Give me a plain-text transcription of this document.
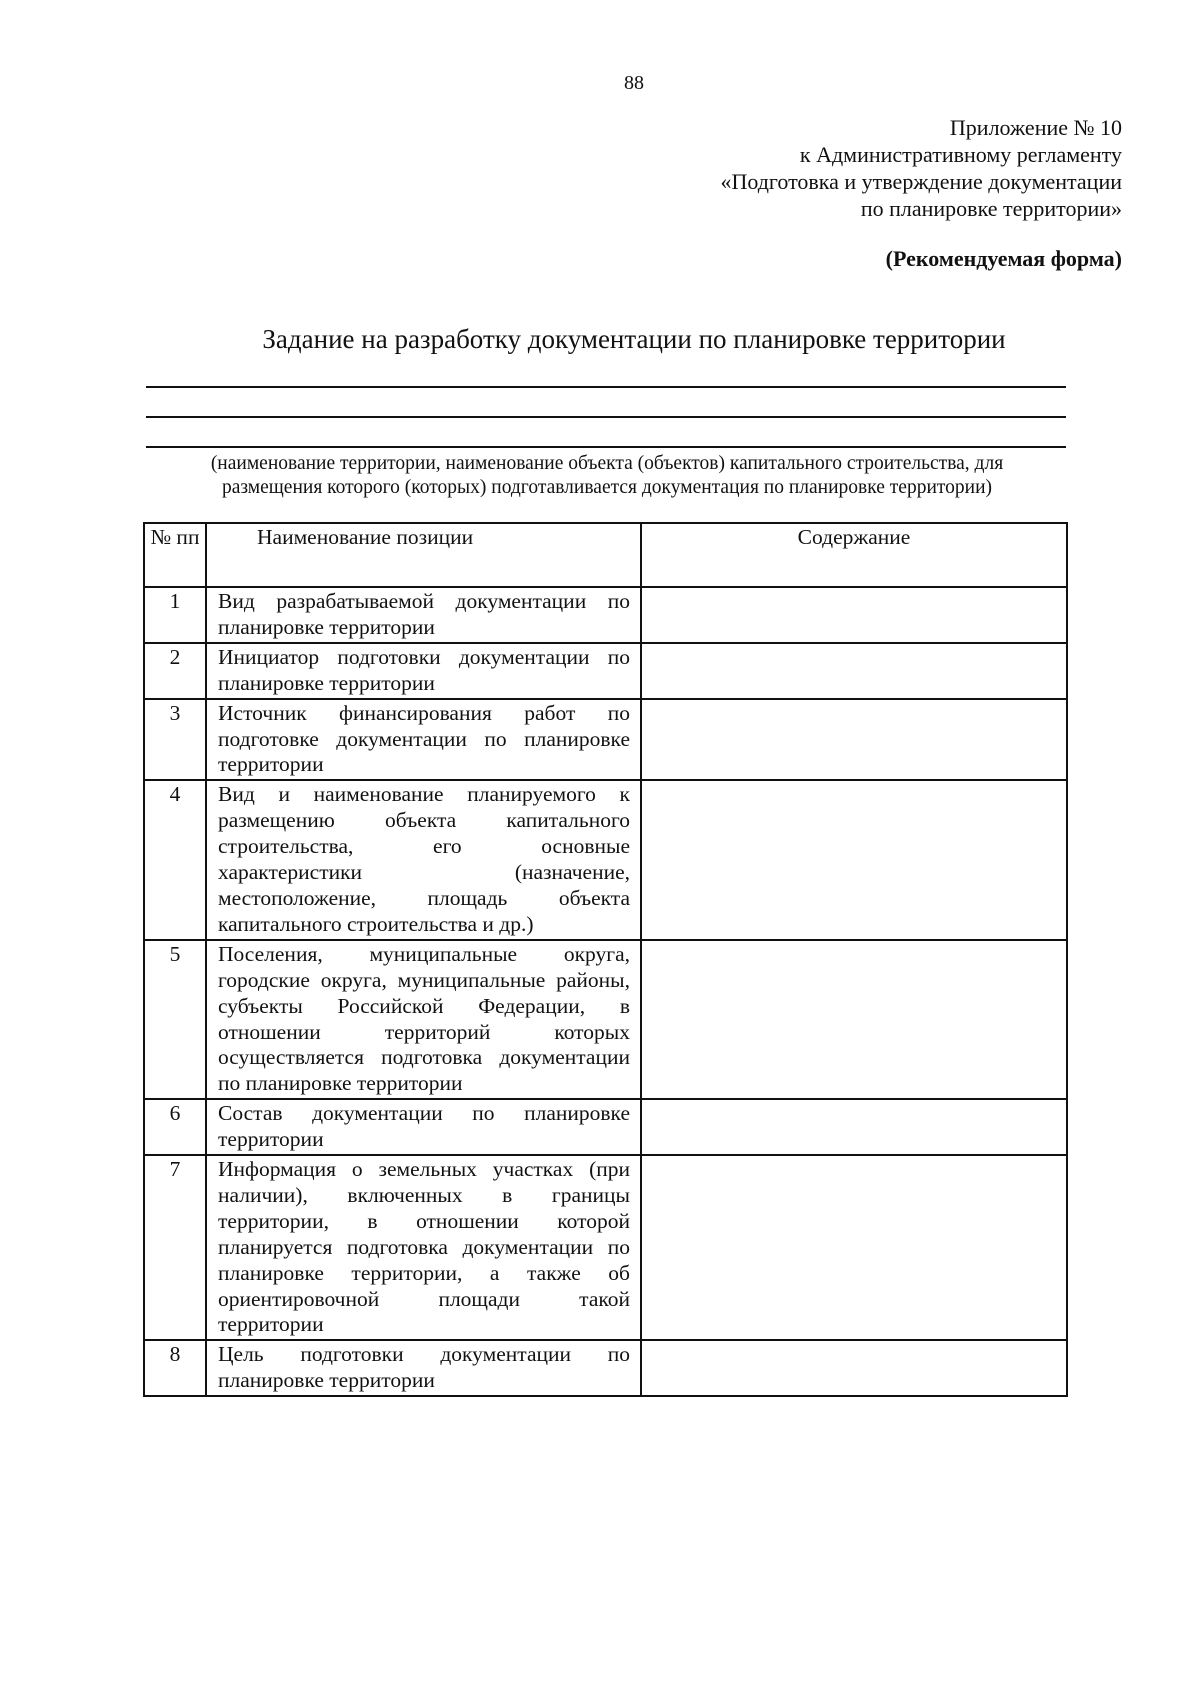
88
Приложение № 10
к Административному регламенту
«Подготовка и утверждение документации
по планировке территории»
(Рекомендуемая форма)
Задание на разработку документации по планировке территории
(наименование территории, наименование объекта (объектов) капитального строительства, для
размещения которого (которых) подготавливается документация по планировке территории)
№ пп	Наименование позиции	Содержание
1	Вид разрабатываемой документации по планировке территории	
2	Инициатор подготовки документации по планировке территории	
3	Источник финансирования работ по подготовке документации по планировке территории	
4	Вид и наименование планируемого к размещению объекта капитального строительства, его основные характеристики (назначение, местоположение, площадь объекта капитального строительства и др.)	
5	Поселения, муниципальные округа, городские округа, муниципальные районы, субъекты Российской Федерации, в отношении территорий которых осуществляется подготовка документации по планировке территории	
6	Состав документации по планировке территории	
7	Информация о земельных участках (при наличии), включенных в границы территории, в отношении которой планируется подготовка документации по планировке территории, а также об ориентировочной площади такой территории	
8	Цель подготовки документации по планировке территории	
